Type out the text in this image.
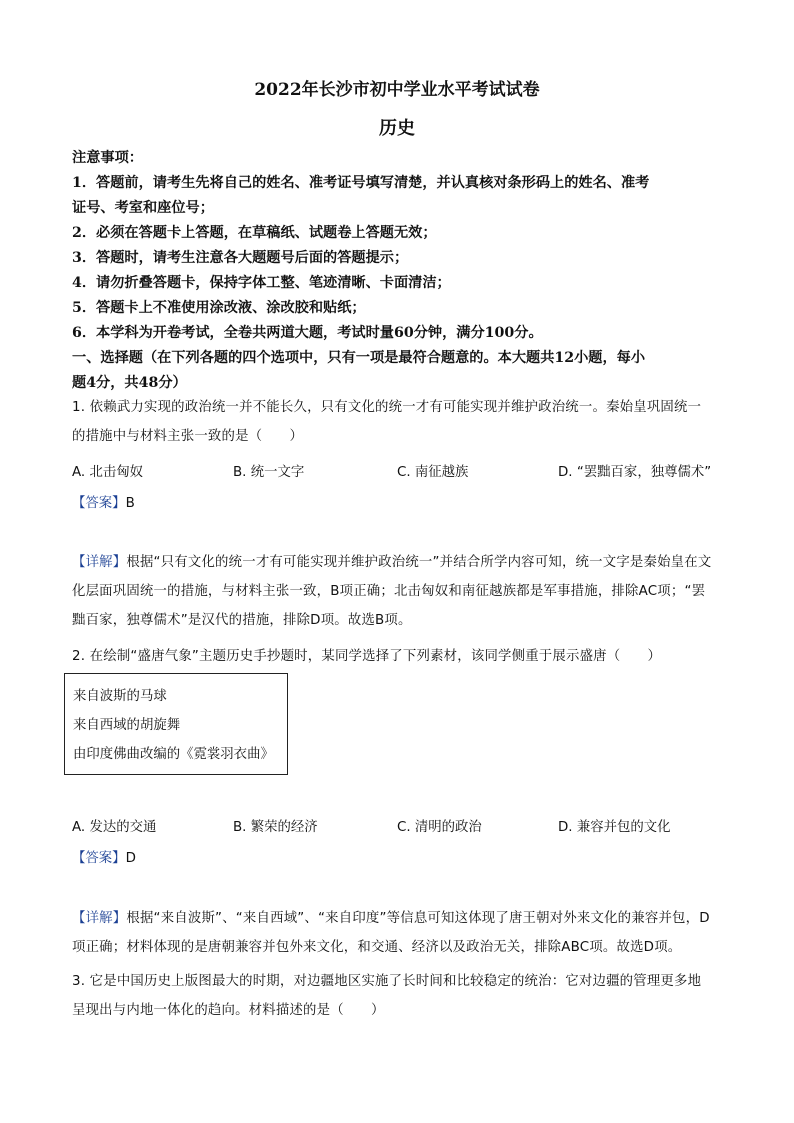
2022年长沙市初中学业水平考试试卷
历史
注意事项：
1．答题前，请考生先将自己的姓名、准考证号填写清楚，并认真核对条形码上的姓名、准考
证号、考室和座位号；
2．必须在答题卡上答题，在草稿纸、试题卷上答题无效；
3．答题时，请考生注意各大题题号后面的答题提示；
4．请勿折叠答题卡，保持字体工整、笔迹清晰、卡面清洁；
5．答题卡上不准使用涂改液、涂改胶和贴纸；
6．本学科为开卷考试，全卷共两道大题，考试时量60分钟，满分100分。
一、选择题（在下列各题的四个选项中，只有一项是最符合题意的。本大题共12小题，每小
题4分，共48分）
1. 依赖武力实现的政治统一并不能长久，只有文化的统一才有可能实现并维护政治统一。秦始皇巩固统一
的措施中与材料主张一致的是（　　）
A. 北击匈奴	B. 统一文字	C. 南征越族	D. “罢黜百家，独尊儒术”
【答案】B
【详解】根据“只有文化的统一才有可能实现并维护政治统一”并结合所学内容可知，统一文字是秦始皇在文
化层面巩固统一的措施，与材料主张一致，B项正确；北击匈奴和南征越族都是军事措施，排除AC项；“罢
黜百家，独尊儒术”是汉代的措施，排除D项。故选B项。
2. 在绘制“盛唐气象”主题历史手抄题时，某同学选择了下列素材，该同学侧重于展示盛唐（　　）
来自波斯的马球
来自西域的胡旋舞
由印度佛曲改编的《霓裳羽衣曲》
A. 发达的交通	B. 繁荣的经济	C. 清明的政治	D. 兼容并包的文化
【答案】D
【详解】根据“来自波斯”、“来自西域”、“来自印度”等信息可知这体现了唐王朝对外来文化的兼容并包，D
项正确；材料体现的是唐朝兼容并包外来文化，和交通、经济以及政治无关，排除ABC项。故选D项。
3. 它是中国历史上版图最大的时期，对边疆地区实施了长时间和比较稳定的统治：它对边疆的管理更多地
呈现出与内地一体化的趋向。材料描述的是（　　）
